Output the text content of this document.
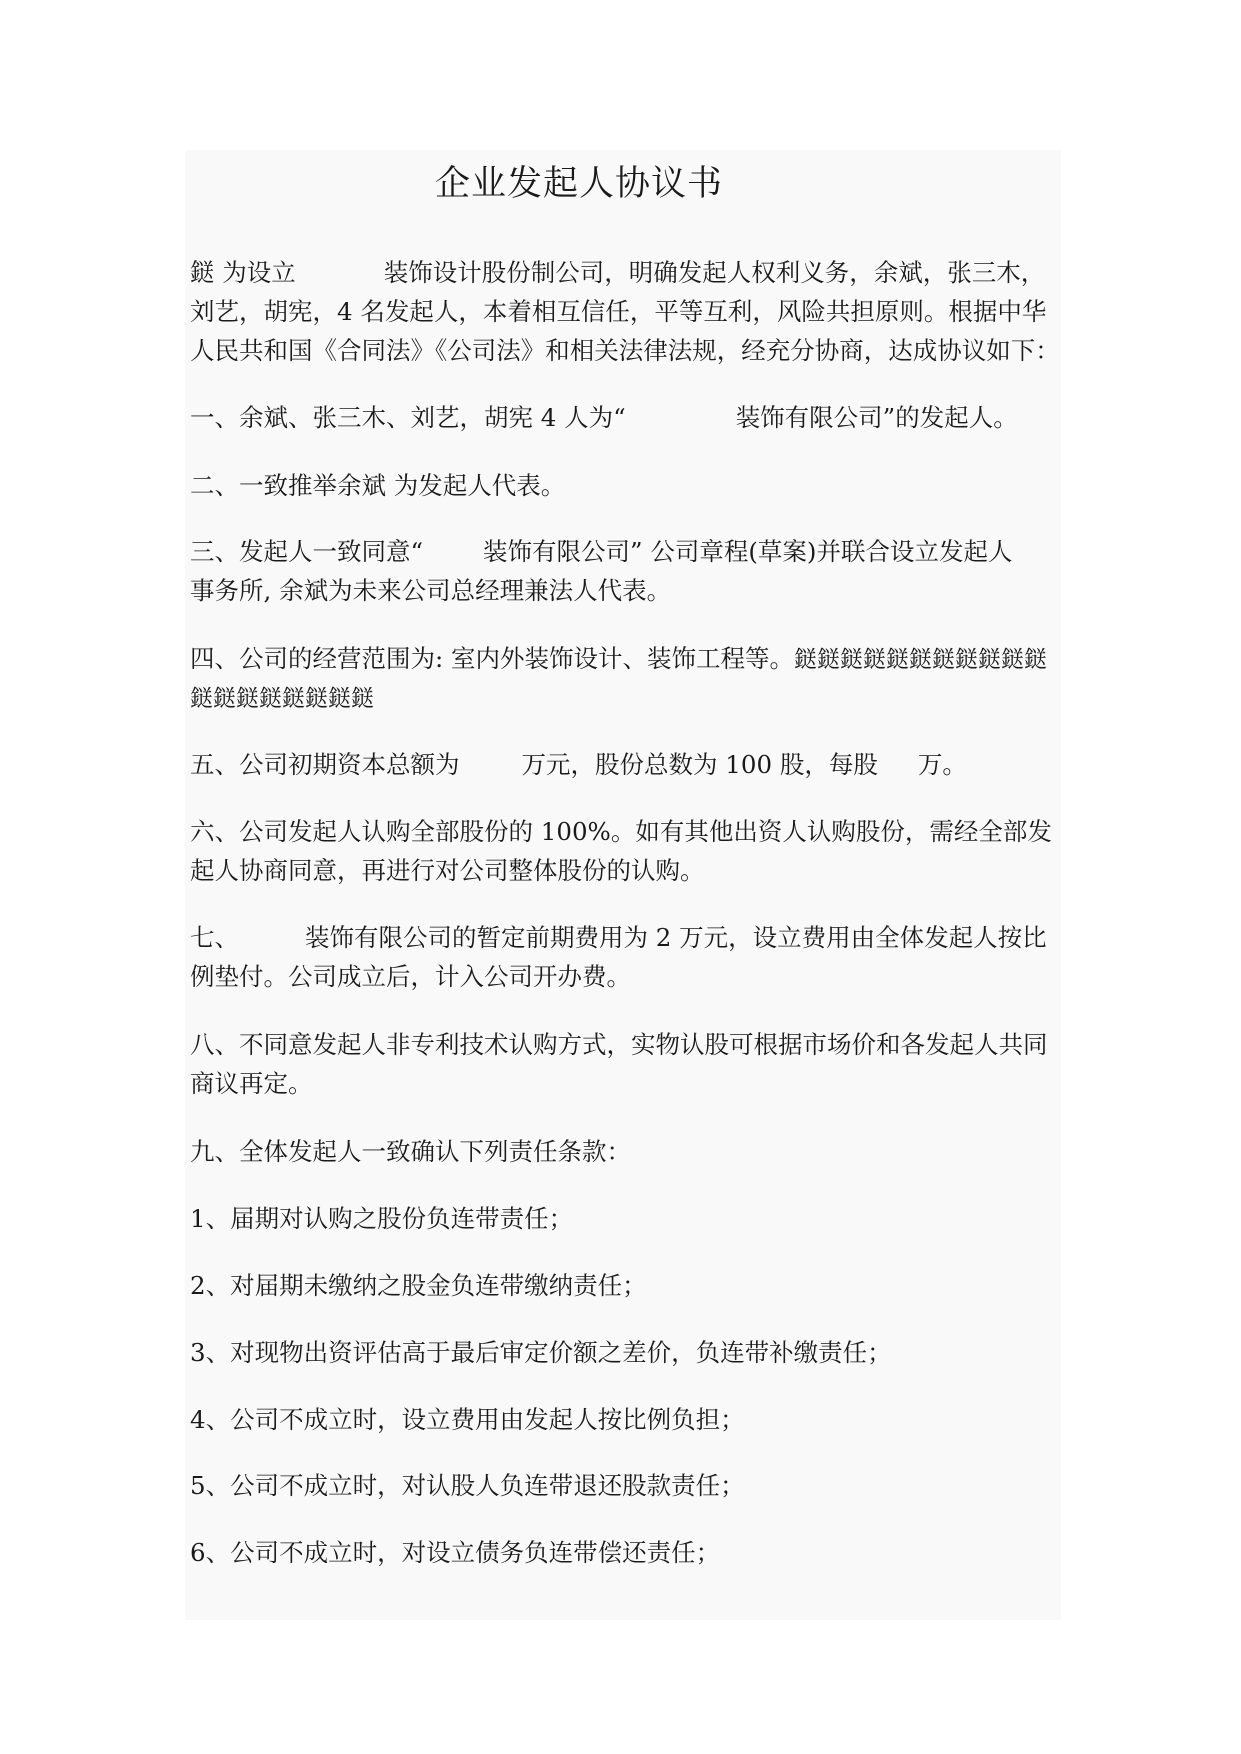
企业发起人协议书
鎹 为设立	装饰设计股份制公司，明确发起人权利义务，余斌，张三木，
刘艺，胡宪，4 名发起人，本着相互信任，平等互利，风险共担原则。根据中华
人民共和国《合同法》《公司法》和相关法律法规，经充分协商，达成协议如下：
一、余斌、张三木、刘艺，胡宪 4 人为“	装饰有限公司”的发起人。
二、一致推举余斌 为发起人代表。
三、发起人一致同意“ 装饰有限公司” 公司章程(草案)并联合设立发起人
事务所, 余斌为未来公司总经理兼法人代表。
四、公司的经营范围为: 室内外装饰设计、装饰工程等。鎹鎹鎹鎹鎹鎹鎹鎹鎹鎹鎹
鎹鎹鎹鎹鎹鎹鎹鎹
五、公司初期资本总额为	万元，股份总数为 100 股，每股 万。
六、公司发起人认购全部股份的 100%。如有其他出资人认购股份，需经全部发
起人协商同意，再进行对公司整体股份的认购。
七、	装饰有限公司的暂定前期费用为 2 万元，设立费用由全体发起人按比
例垫付。公司成立后，计入公司开办费。
八、不同意发起人非专利技术认购方式，实物认股可根据市场价和各发起人共同
商议再定。
九、全体发起人一致确认下列责任条款：
1、届期对认购之股份负连带责任；
2、对届期未缴纳之股金负连带缴纳责任；
3、对现物出资评估高于最后审定价额之差价，负连带补缴责任；
4、公司不成立时，设立费用由发起人按比例负担；
5、公司不成立时，对认股人负连带退还股款责任；
6、公司不成立时，对设立债务负连带偿还责任；
